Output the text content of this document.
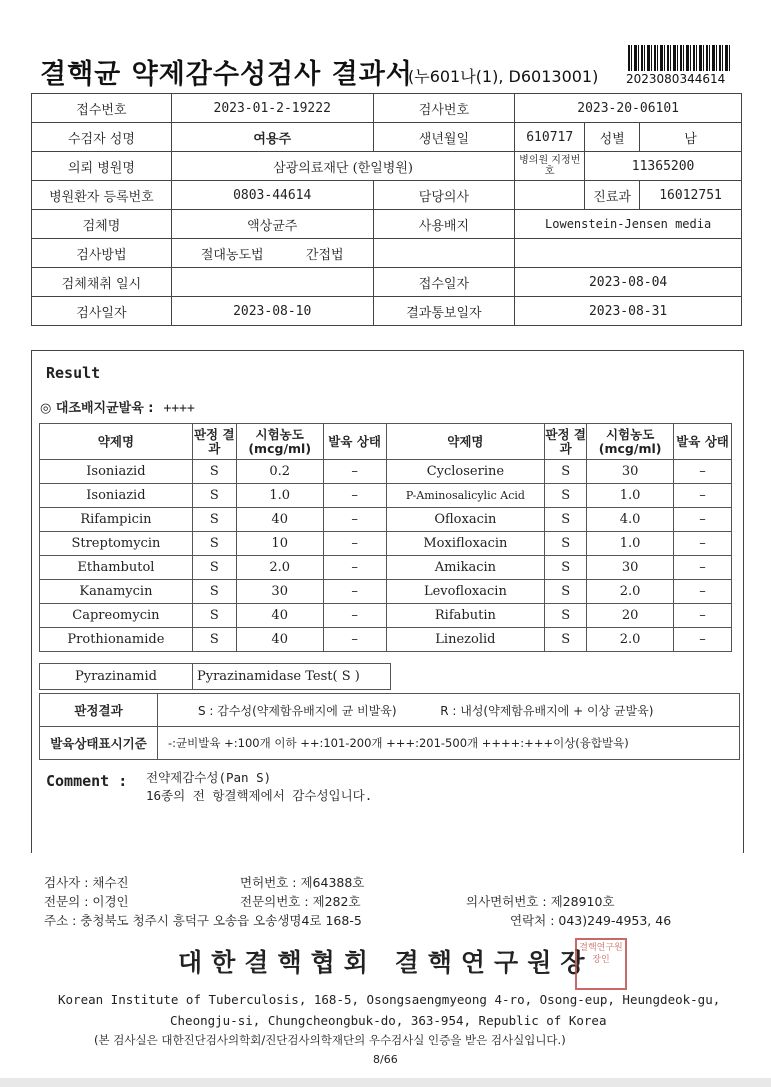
결핵균 약제감수성검사 결과서
(누601나(1), D6013001) 2023080344614
접수번호	2023-01-2-19222	검사번호	2023-20-06101		
수검자 성명	여용주	생년월일	610717	성별	남
의뢰 병원명	삼광의료재단 (한일병원)		병의원 지정번호	11365200	
병원환자 등록번호	0803-44614	담당의사		진료과	16012751
검체명	액상균주	사용배지	Lowenstein-Jensen media		
검사방법	절대농도법 간접법				
검체채취 일시		접수일자	2023-08-04		
검사일자	2023-08-10	결과통보일자	2023-08-31		
Result
◎ 대조배지균발육 : ++++
약제명	판정 결과	시험농도 (mcg/ml)	발육 상태	약제명	판정 결과	시험농도 (mcg/ml)	발육 상태
Isoniazid	S	0.2	–	Cycloserine	S	30	–
Isoniazid	S	1.0	–	P-Aminosalicylic Acid	S	1.0	–
Rifampicin	S	40	–	Ofloxacin	S	4.0	–
Streptomycin	S	10	–	Moxifloxacin	S	1.0	–
Ethambutol	S	2.0	–	Amikacin	S	30	–
Kanamycin	S	30	–	Levofloxacin	S	2.0	–
Capreomycin	S	40	–	Rifabutin	S	20	–
Prothionamide	S	40	–	Linezolid	S	2.0	–
Pyrazinamid	Pyrazinamidase Test( S )
판정결과	S : 감수성(약제함유배지에 균 비발육) R : 내성(약제함유배지에 + 이상 균발육)
발육상태표시기준	-:균비발육 +:100개 이하 ++:101-200개 +++:201-500개 ++++:+++이상(융합발육)
Comment : 전약제감수성(Pan S)
16종의 전 항결핵제에서 감수성입니다.
검사자 : 채수진	면허번호 : 제64388호
전문의 : 이경인	전문의번호 : 제282호	의사면허번호 : 제28910호
주소 : 충청북도 청주시 흥덕구 오송읍 오송생명4로 168-5	연락처 : 043)249-4953, 46
대한결핵협회 결핵연구원장
결핵연구원장인
Korean Institute of Tuberculosis, 168-5, Osongsaengmyeong 4-ro, Osong-eup, Heungdeok-gu,
Cheongju-si, Chungcheongbuk-do, 363-954, Republic of Korea
(본 검사실은 대한진단검사의학회/진단검사의학재단의 우수검사실 인증을 받은 검사실입니다.)
8/66
